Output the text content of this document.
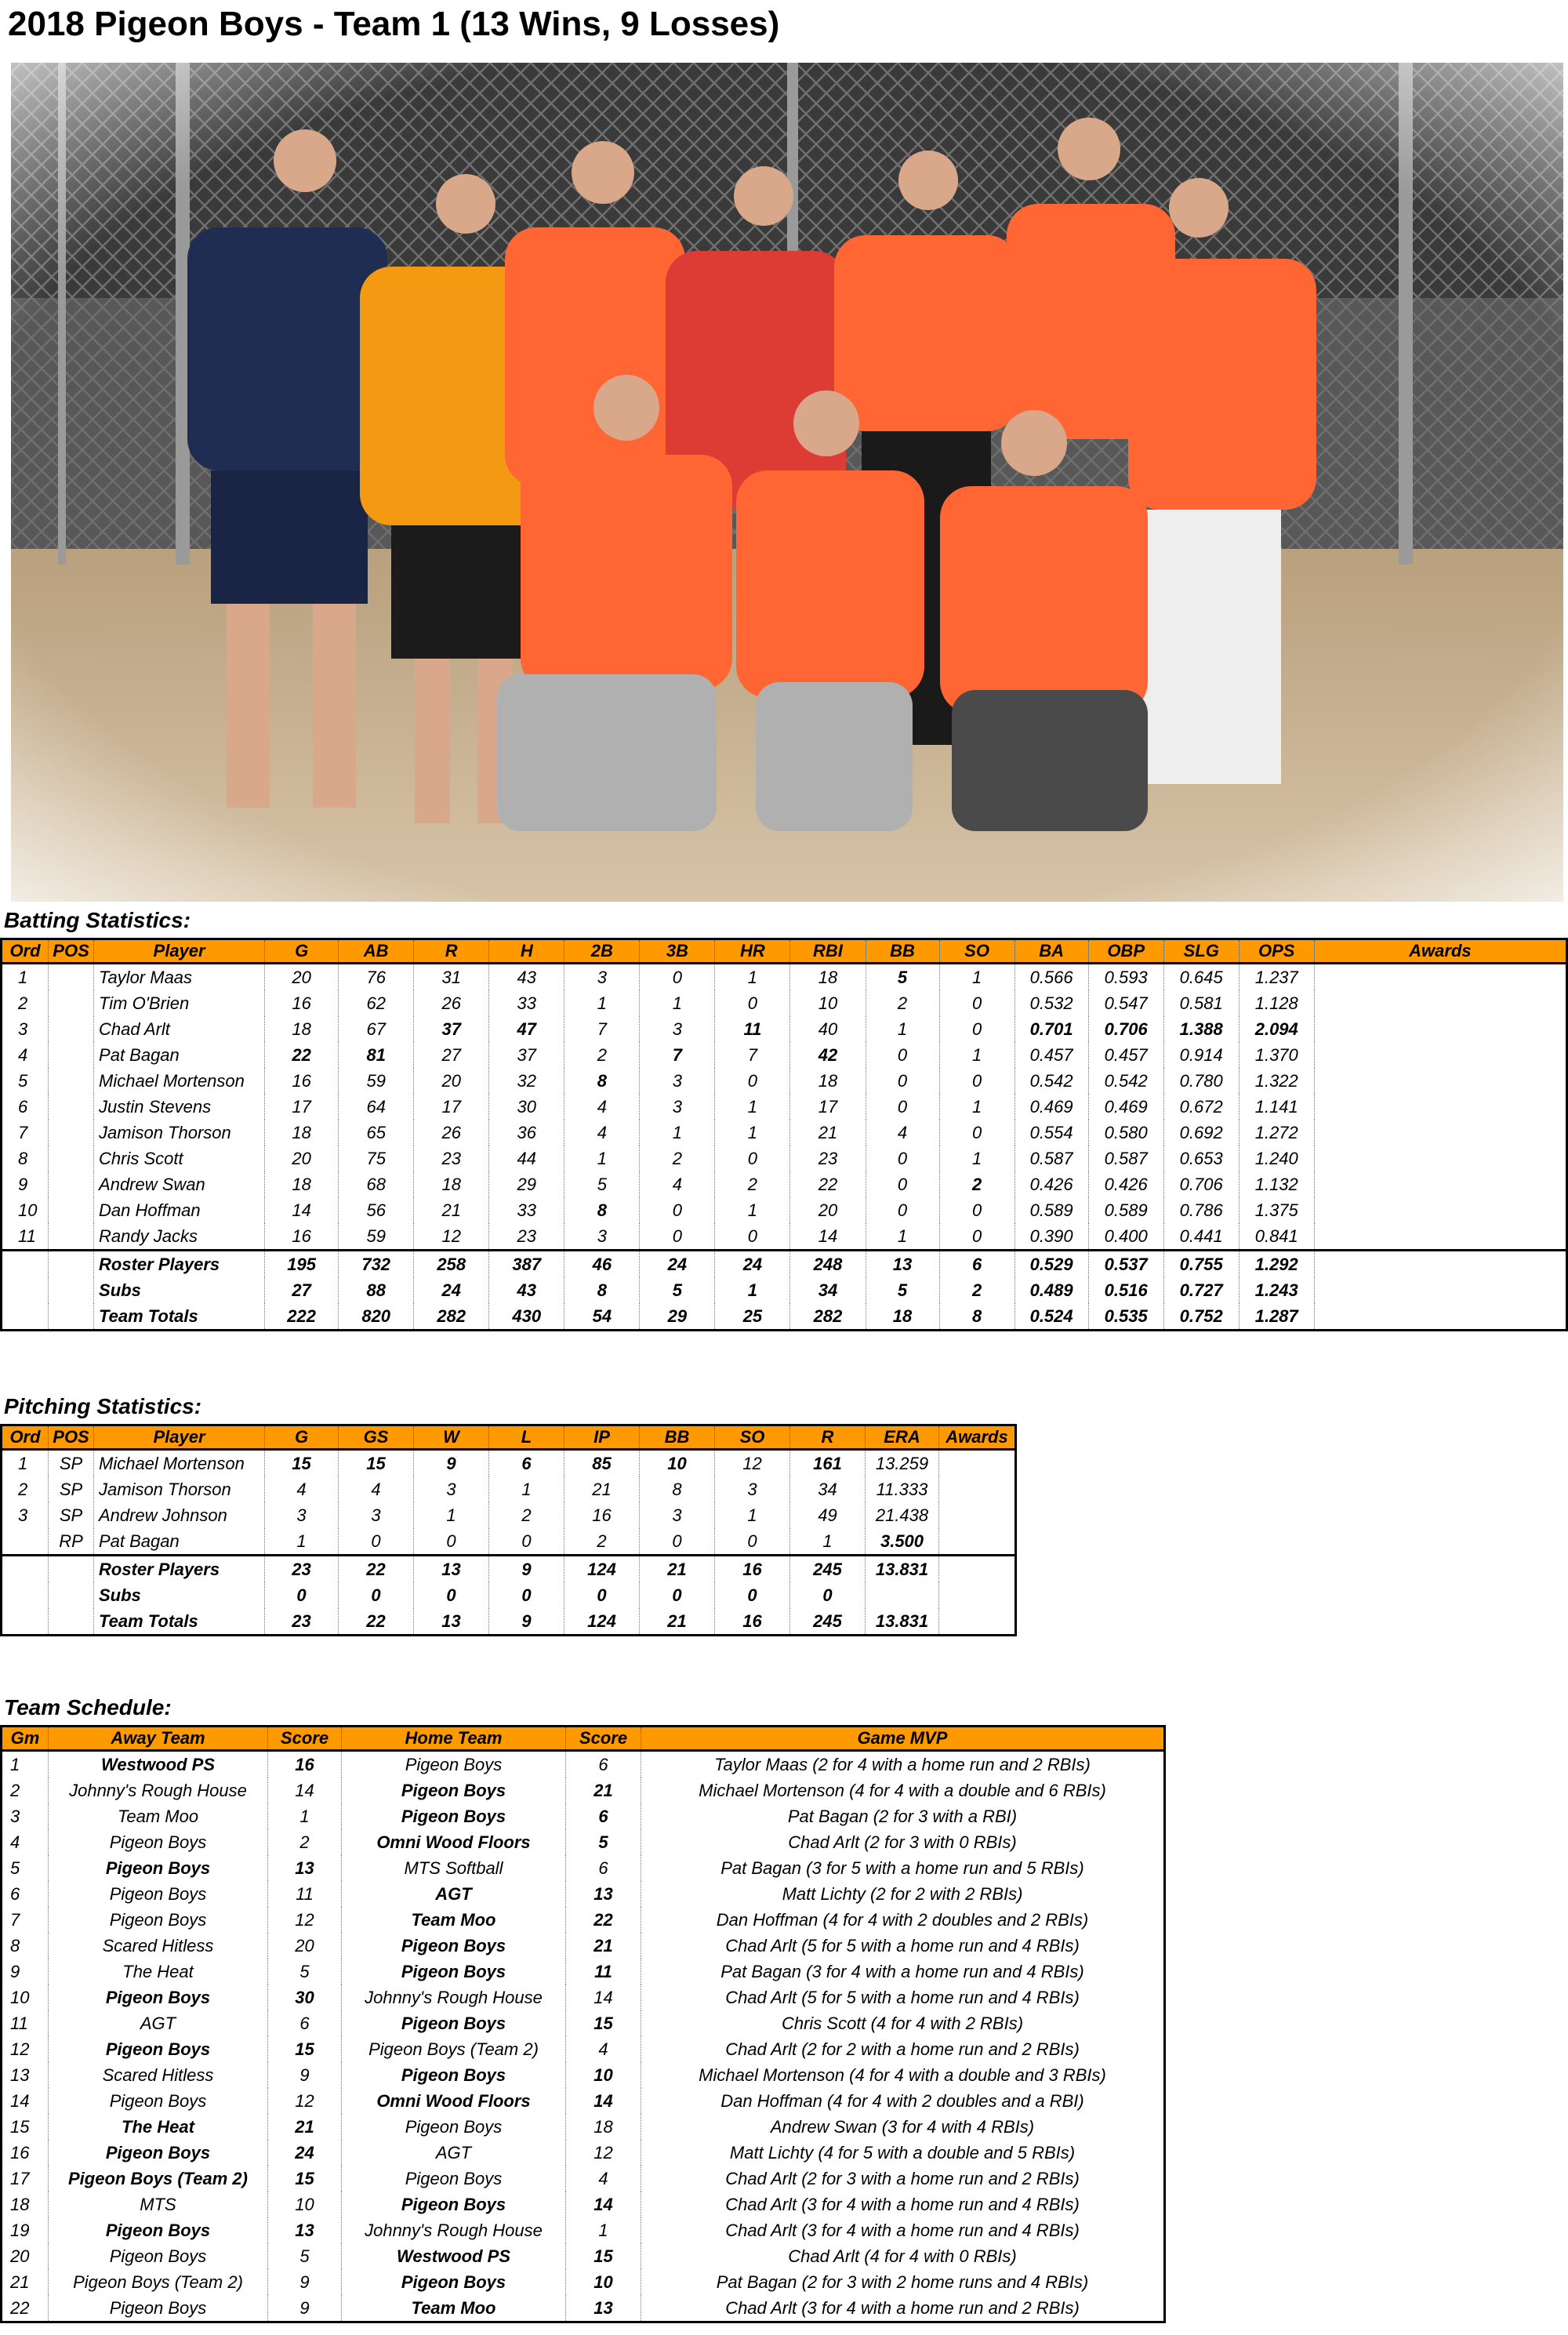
2018 Pigeon Boys - Team 1 (13 Wins, 9 Losses)
Batting Statistics:
Ord	POS	Player	G	AB	R	H	2B	3B	HR	RBI	BB	SO	BA	OBP	SLG	OPS	Awards
1		Taylor Maas	20	76	31	43	3	0	1	18	5	1	0.566	0.593	0.645	1.237	
2		Tim O'Brien	16	62	26	33	1	1	0	10	2	0	0.532	0.547	0.581	1.128	
3		Chad Arlt	18	67	37	47	7	3	11	40	1	0	0.701	0.706	1.388	2.094	
4		Pat Bagan	22	81	27	37	2	7	7	42	0	1	0.457	0.457	0.914	1.370	
5		Michael Mortenson	16	59	20	32	8	3	0	18	0	0	0.542	0.542	0.780	1.322	
6		Justin Stevens	17	64	17	30	4	3	1	17	0	1	0.469	0.469	0.672	1.141	
7		Jamison Thorson	18	65	26	36	4	1	1	21	4	0	0.554	0.580	0.692	1.272	
8		Chris Scott	20	75	23	44	1	2	0	23	0	1	0.587	0.587	0.653	1.240	
9		Andrew Swan	18	68	18	29	5	4	2	22	0	2	0.426	0.426	0.706	1.132	
10		Dan Hoffman	14	56	21	33	8	0	1	20	0	0	0.589	0.589	0.786	1.375	
11		Randy Jacks	16	59	12	23	3	0	0	14	1	0	0.390	0.400	0.441	0.841	
		Roster Players	195	732	258	387	46	24	24	248	13	6	0.529	0.537	0.755	1.292	
		Subs	27	88	24	43	8	5	1	34	5	2	0.489	0.516	0.727	1.243	
		Team Totals	222	820	282	430	54	29	25	282	18	8	0.524	0.535	0.752	1.287	
Pitching Statistics:
Ord	POS	Player	G	GS	W	L	IP	BB	SO	R	ERA	Awards
1	SP	Michael Mortenson	15	15	9	6	85	10	12	161	13.259	
2	SP	Jamison Thorson	4	4	3	1	21	8	3	34	11.333	
3	SP	Andrew Johnson	3	3	1	2	16	3	1	49	21.438	
	RP	Pat Bagan	1	0	0	0	2	0	0	1	3.500	
		Roster Players	23	22	13	9	124	21	16	245	13.831	
		Subs	0	0	0	0	0	0	0	0		
		Team Totals	23	22	13	9	124	21	16	245	13.831	
Team Schedule:
Gm	Away Team	Score	Home Team	Score	Game MVP
1	Westwood PS	16	Pigeon Boys	6	Taylor Maas (2 for 4 with a home run and 2 RBIs)
2	Johnny's Rough House	14	Pigeon Boys	21	Michael Mortenson (4 for 4 with a double and 6 RBIs)
3	Team Moo	1	Pigeon Boys	6	Pat Bagan (2 for 3 with a RBI)
4	Pigeon Boys	2	Omni Wood Floors	5	Chad Arlt (2 for 3 with 0 RBIs)
5	Pigeon Boys	13	MTS Softball	6	Pat Bagan (3 for 5 with a home run and 5 RBIs)
6	Pigeon Boys	11	AGT	13	Matt Lichty (2 for 2 with 2 RBIs)
7	Pigeon Boys	12	Team Moo	22	Dan Hoffman (4 for 4 with 2 doubles and 2 RBIs)
8	Scared Hitless	20	Pigeon Boys	21	Chad Arlt (5 for 5 with a home run and 4 RBIs)
9	The Heat	5	Pigeon Boys	11	Pat Bagan (3 for 4 with a home run and 4 RBIs)
10	Pigeon Boys	30	Johnny's Rough House	14	Chad Arlt (5 for 5 with a home run and 4 RBIs)
11	AGT	6	Pigeon Boys	15	Chris Scott (4 for 4 with 2 RBIs)
12	Pigeon Boys	15	Pigeon Boys (Team 2)	4	Chad Arlt (2 for 2 with a home run and 2 RBIs)
13	Scared Hitless	9	Pigeon Boys	10	Michael Mortenson (4 for 4 with a double and 3 RBIs)
14	Pigeon Boys	12	Omni Wood Floors	14	Dan Hoffman (4 for 4 with 2 doubles and a RBI)
15	The Heat	21	Pigeon Boys	18	Andrew Swan (3 for 4 with 4 RBIs)
16	Pigeon Boys	24	AGT	12	Matt Lichty (4 for 5 with a double and 5 RBIs)
17	Pigeon Boys (Team 2)	15	Pigeon Boys	4	Chad Arlt (2 for 3 with a home run and 2 RBIs)
18	MTS	10	Pigeon Boys	14	Chad Arlt (3 for 4 with a home run and 4 RBIs)
19	Pigeon Boys	13	Johnny's Rough House	1	Chad Arlt (3 for 4 with a home run and 4 RBIs)
20	Pigeon Boys	5	Westwood PS	15	Chad Arlt (4 for 4 with 0 RBIs)
21	Pigeon Boys (Team 2)	9	Pigeon Boys	10	Pat Bagan (2 for 3 with 2 home runs and 4 RBIs)
22	Pigeon Boys	9	Team Moo	13	Chad Arlt (3 for 4 with a home run and 2 RBIs)
